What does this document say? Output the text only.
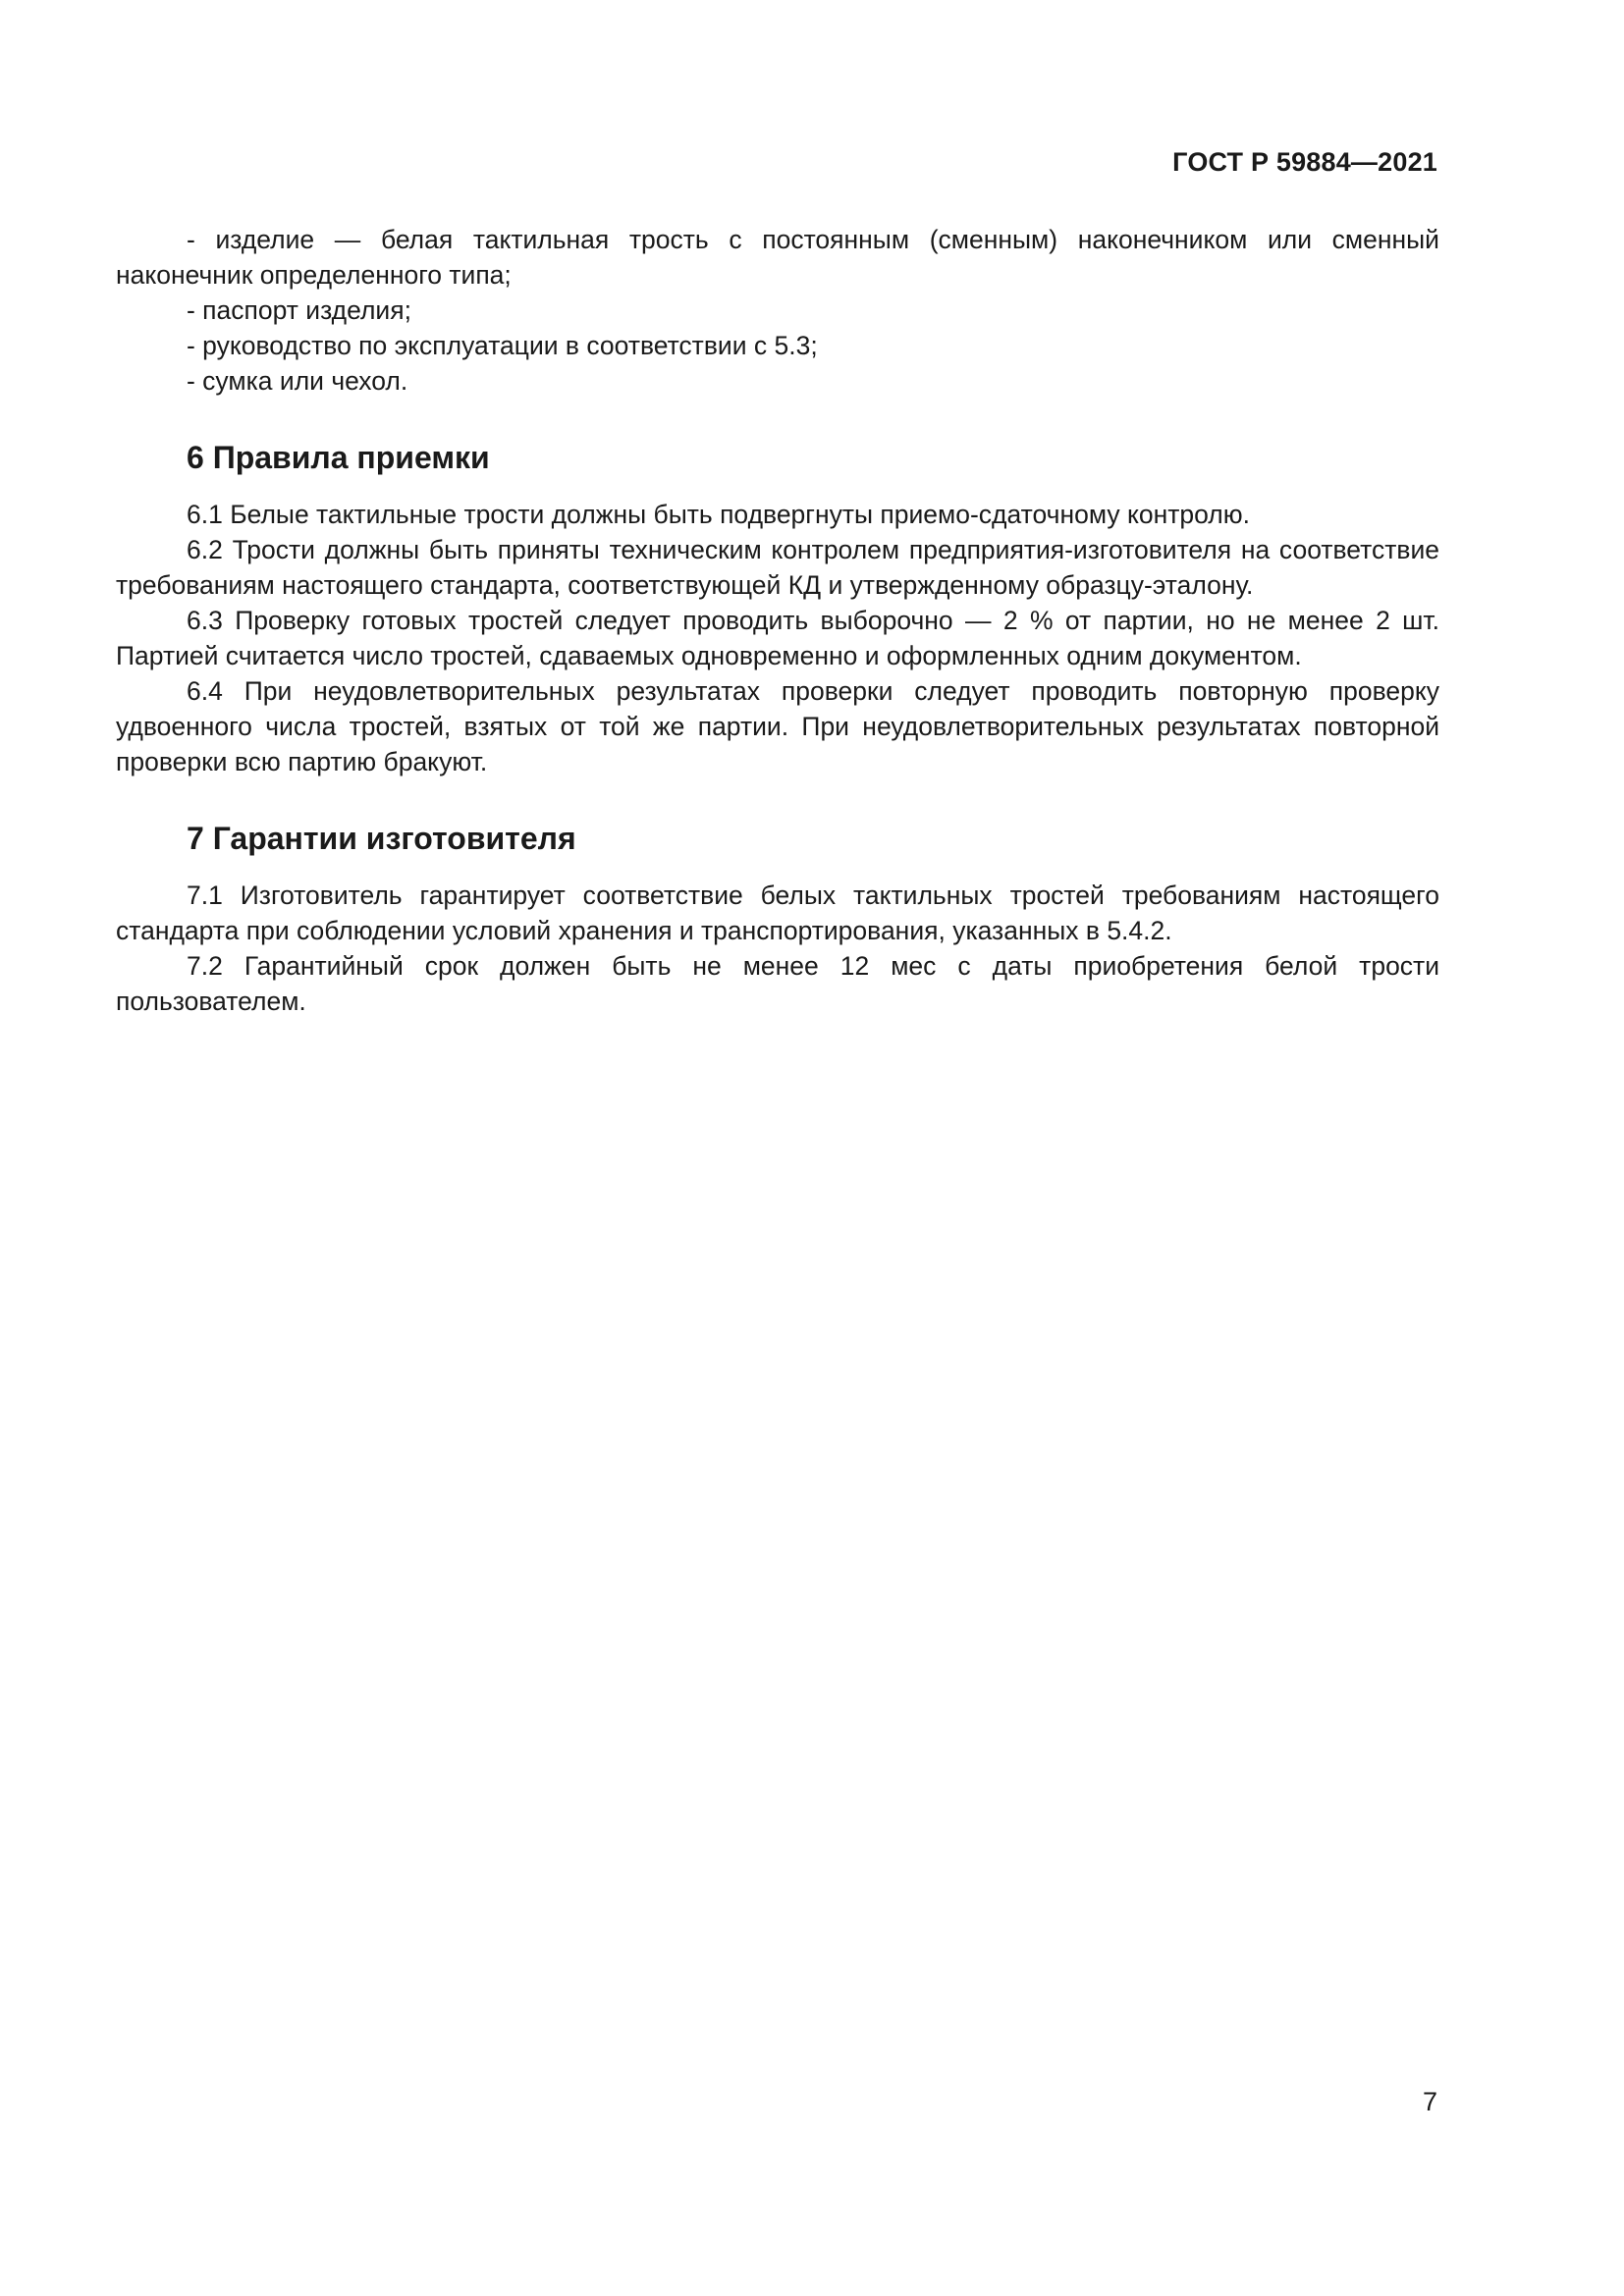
ГОСТ Р 59884—2021

- изделие — белая тактильная трость с постоянным (сменным) наконечником или сменный наконечник определенного типа;

- паспорт изделия;

- руководство по эксплуатации в соответствии с 5.3;

- сумка или чехол.

6 Правила приемки

6.1 Белые тактильные трости должны быть подвергнуты приемо-сдаточному контролю.

6.2 Трости должны быть приняты техническим контролем предприятия-изготовителя на соответствие требованиям настоящего стандарта, соответствующей КД и утвержденному образцу-эталону.

6.3 Проверку готовых тростей следует проводить выборочно — 2 % от партии, но не менее 2 шт. Партией считается число тростей, сдаваемых одновременно и оформленных одним документом.

6.4 При неудовлетворительных результатах проверки следует проводить повторную проверку удвоенного числа тростей, взятых от той же партии. При неудовлетворительных результатах повторной проверки всю партию бракуют.

7 Гарантии изготовителя

7.1 Изготовитель гарантирует соответствие белых тактильных тростей требованиям настоящего стандарта при соблюдении условий хранения и транспортирования, указанных в 5.4.2.

7.2 Гарантийный срок должен быть не менее 12 мес с даты приобретения белой трости пользователем.

7
